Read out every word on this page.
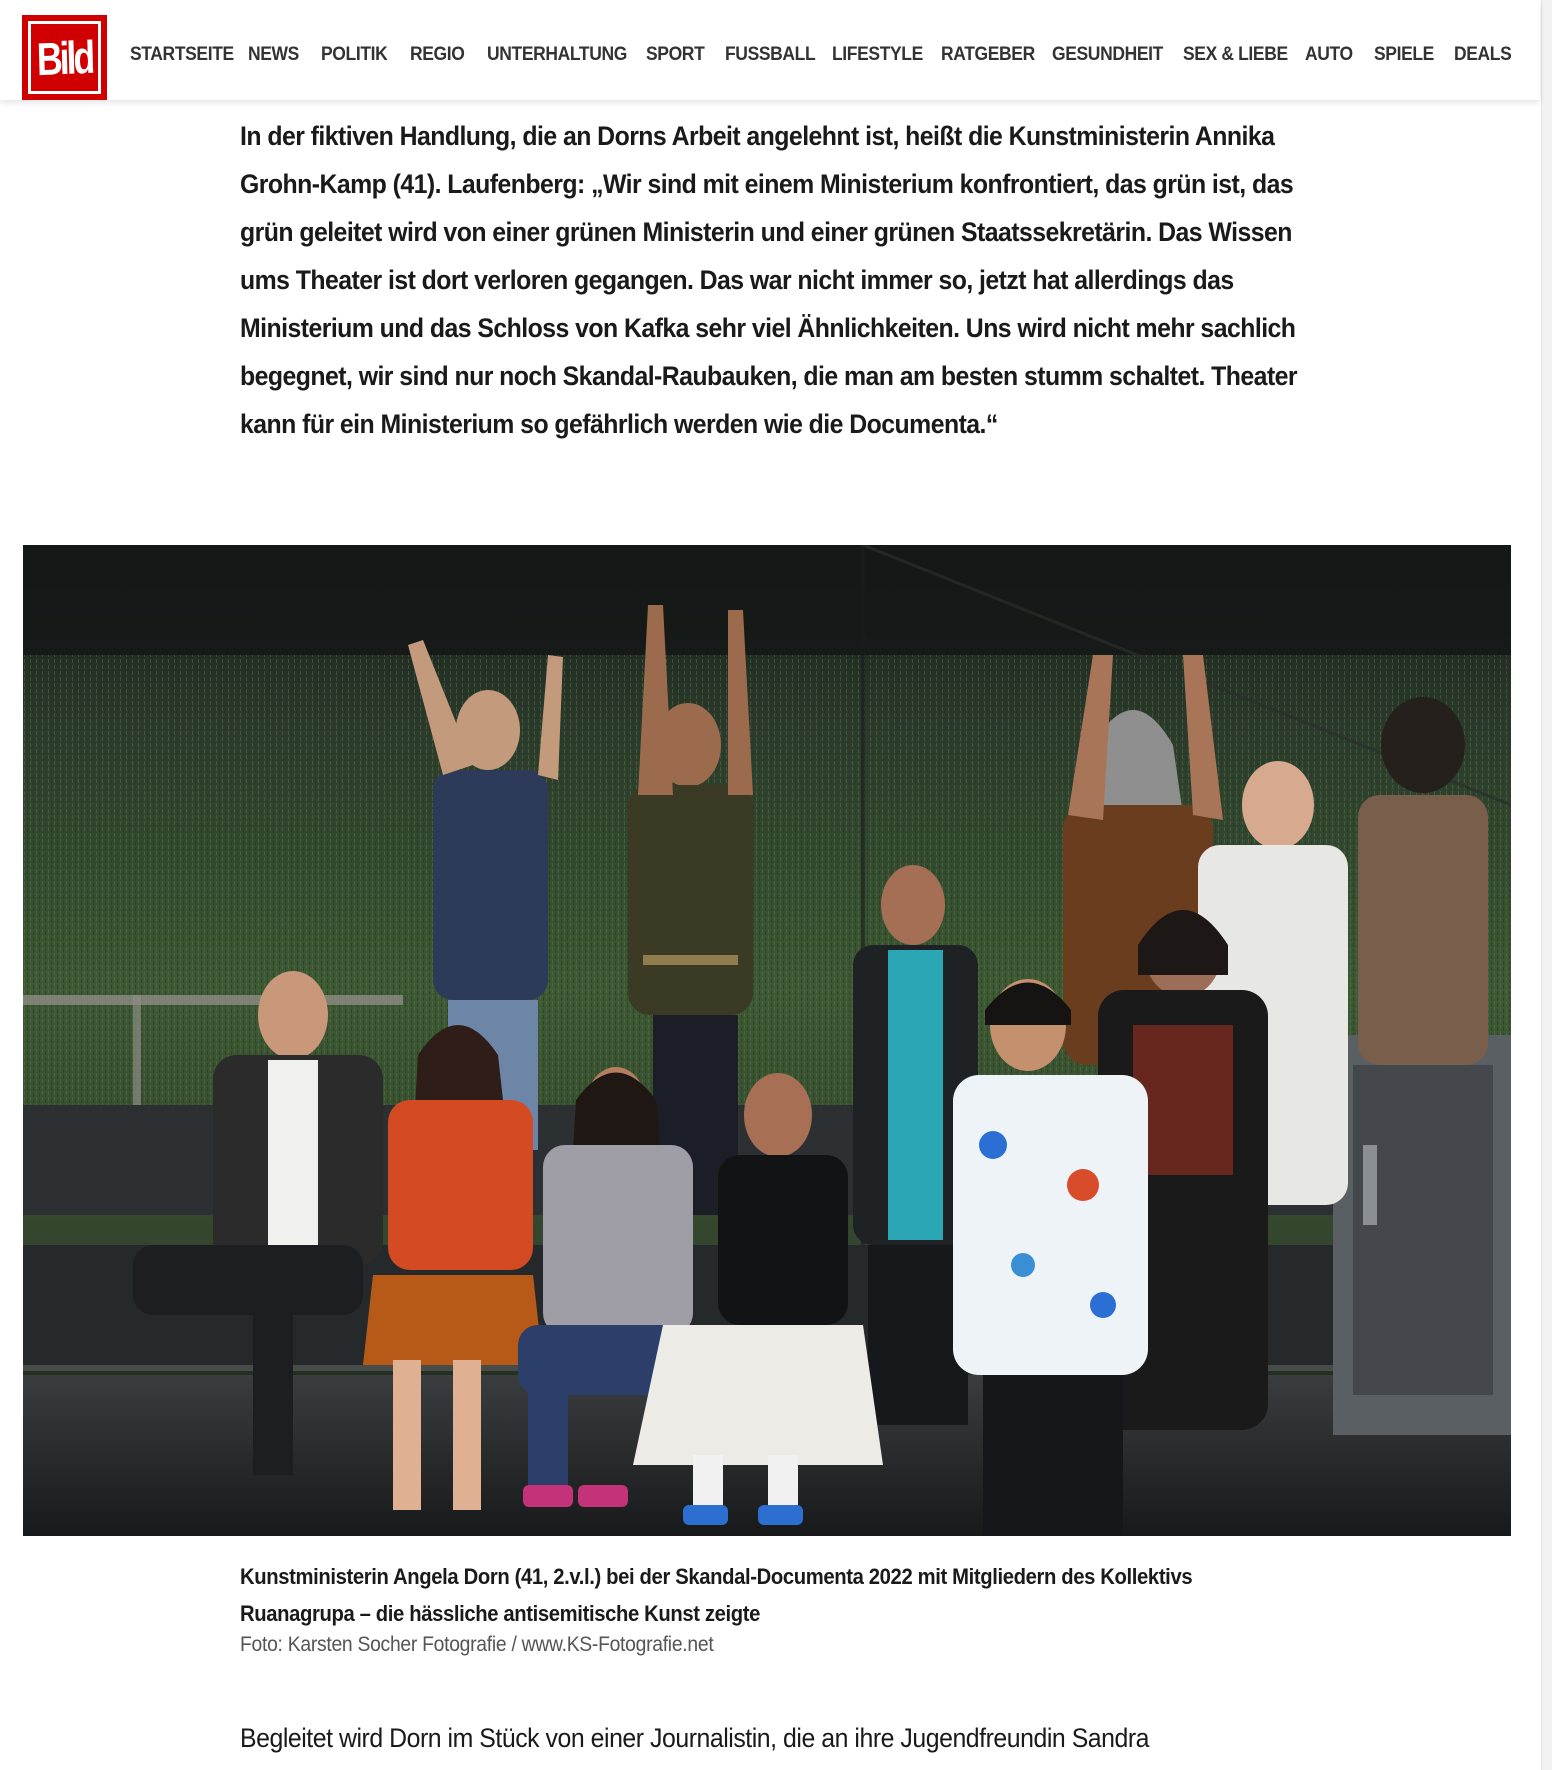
Bild STARTSEITE NEWS	POLITIK	REGIO	UNTERHALTUNG	SPORT	FUSSBALL LIFESTYLE RATGEBER GESUNDHEIT	SEX & LIEBE AUTO	SPIELE	DEALS

In der fiktiven Handlung, die an Dorns Arbeit angelehnt ist, heißt die Kunstministerin Annika Grohn-Kamp (41). Laufenberg: „Wir sind mit einem Ministerium konfrontiert, das grün ist, das grün geleitet wird von einer grünen Ministerin und einer grünen Staatssekretärin. Das Wissen ums Theater ist dort verloren gegangen. Das war nicht immer so, jetzt hat allerdings das Ministerium und das Schloss von Kafka sehr viel Ähnlichkeiten. Uns wird nicht mehr sachlich begegnet, wir sind nur noch Skandal-Raubauken, die man am besten stumm schaltet. Theater kann für ein Ministerium so gefährlich werden wie die Documenta.“

Kunstministerin Angela Dorn (41, 2.v.l.) bei der Skandal-Documenta 2022 mit Mitgliedern des Kollektivs Ruanagrupa – die hässliche antisemitische Kunst zeigte

Foto: Karsten Socher Fotografie / www.KS-Fotografie.net

Begleitet wird Dorn im Stück von einer Journalistin, die an ihre Jugendfreundin Sandra
